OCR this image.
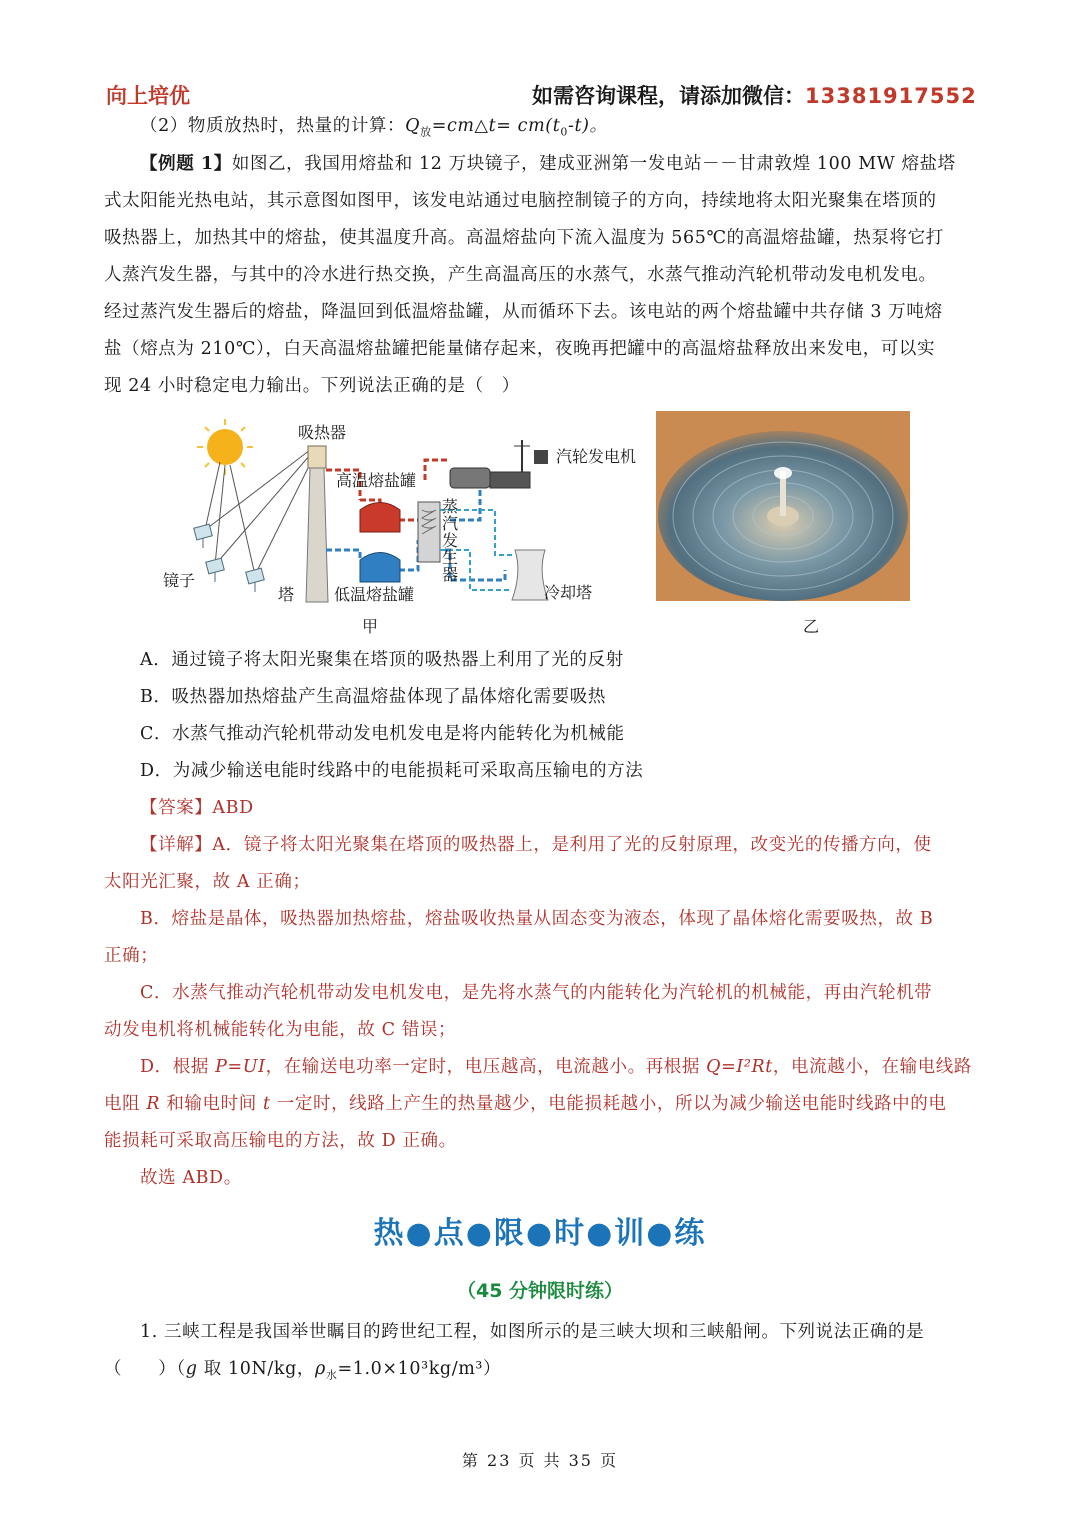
向上培优	如需咨询课程，请添加微信：13381917552
（2）物质放热时，热量的计算：$Q_放=cm\triangle t= cm(t_0-t)$。
【例题 1】如图乙，我国用熔盐和 12 万块镜子，建成亚洲第一发电站－－甘肃敦煌 100 MW 熔盐塔
式太阳能光热电站，其示意图如图甲，该发电站通过电脑控制镜子的方向，持续地将太阳光聚集在塔顶的
吸热器上，加热其中的熔盐，使其温度升高。高温熔盐向下流入温度为 565℃的高温熔盐罐，热泵将它打
人蒸汽发生器，与其中的冷水进行热交换，产生高温高压的水蒸气，水蒸气推动汽轮机带动发电机发电。
经过蒸汽发生器后的熔盐，降温回到低温熔盐罐，从而循环下去。该电站的两个熔盐罐中共存储 3 万吨熔
盐（熔点为 210℃），白天高温熔盐罐把能量储存起来，夜晚再把罐中的高温熔盐释放出来发电，可以实
现 24 小时稳定电力输出。下列说法正确的是（　）
吸热器
高温熔盐罐
汽轮发电机
蒸
汽
发
生
器
镜子
塔 低温熔盐罐	冷却塔
甲	乙
A．通过镜子将太阳光聚集在塔顶的吸热器上利用了光的反射
B．吸热器加热熔盐产生高温熔盐体现了晶体熔化需要吸热
C．水蒸气推动汽轮机带动发电机发电是将内能转化为机械能
D．为减少输送电能时线路中的电能损耗可采取高压输电的方法
【答案】ABD
【详解】A．镜子将太阳光聚集在塔顶的吸热器上，是利用了光的反射原理，改变光的传播方向，使
太阳光汇聚，故 A 正确；
B．熔盐是晶体，吸热器加热熔盐，熔盐吸收热量从固态变为液态，体现了晶体熔化需要吸热，故 B
正确；
C．水蒸气推动汽轮机带动发电机发电，是先将水蒸气的内能转化为汽轮机的机械能，再由汽轮机带
动发电机将机械能转化为电能，故 C 错误；
D．根据 P=UI，在输送电功率一定时，电压越高，电流越小。再根据 Q=I²Rt，电流越小，在输电线路
电阻 R 和输电时间 t 一定时，线路上产生的热量越少，电能损耗越小，所以为减少输送电能时线路中的电
能损耗可采取高压输电的方法，故 D 正确。
故选 ABD。
热●点●限●时●训●练
（45 分钟限时练）
1. 三峡工程是我国举世瞩目的跨世纪工程，如图所示的是三峡大坝和三峡船闸。下列说法正确的是
（　　）（g 取 10N/kg，$\rho_水=1.0\times 10^3kg/m^3$）
第 23 页 共 35 页
